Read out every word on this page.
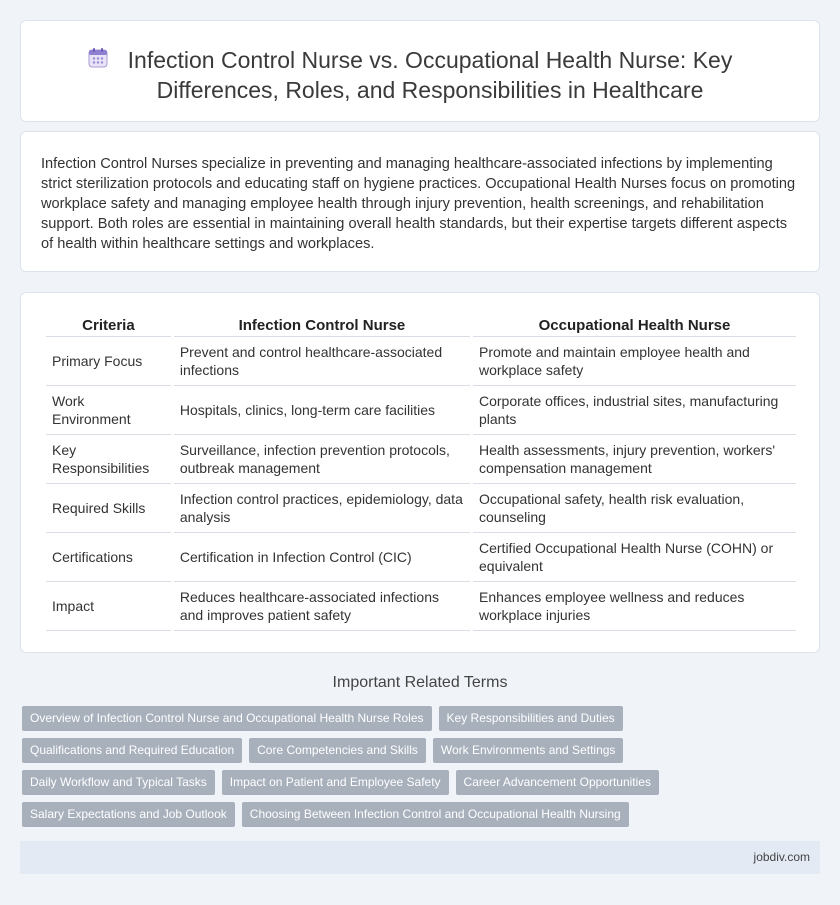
Infection Control Nurse vs. Occupational Health Nurse: Key Differences, Roles, and Responsibilities in Healthcare

Infection Control Nurses specialize in preventing and managing healthcare-associated infections by implementing strict sterilization protocols and educating staff on hygiene practices. Occupational Health Nurses focus on promoting workplace safety and managing employee health through injury prevention, health screenings, and rehabilitation support. Both roles are essential in maintaining overall health standards, but their expertise targets different aspects of health within healthcare settings and workplaces.

Criteria	Infection Control Nurse	Occupational Health Nurse
Primary Focus	Prevent and control healthcare-associated infections	Promote and maintain employee health and workplace safety
Work Environment	Hospitals, clinics, long-term care facilities	Corporate offices, industrial sites, manufacturing plants
Key Responsibilities	Surveillance, infection prevention protocols, outbreak management	Health assessments, injury prevention, workers' compensation management
Required Skills	Infection control practices, epidemiology, data analysis	Occupational safety, health risk evaluation, counseling
Certifications	Certification in Infection Control (CIC)	Certified Occupational Health Nurse (COHN) or equivalent
Impact	Reduces healthcare-associated infections and improves patient safety	Enhances employee wellness and reduces workplace injuries
Important Related Terms
Overview of Infection Control Nurse and Occupational Health Nurse Roles	Key Responsibilities and Duties
Qualifications and Required Education	Core Competencies and Skills	Work Environments and Settings
Daily Workflow and Typical Tasks	Impact on Patient and Employee Safety	Career Advancement Opportunities
Salary Expectations and Job Outlook	Choosing Between Infection Control and Occupational Health Nursing
jobdiv.com
